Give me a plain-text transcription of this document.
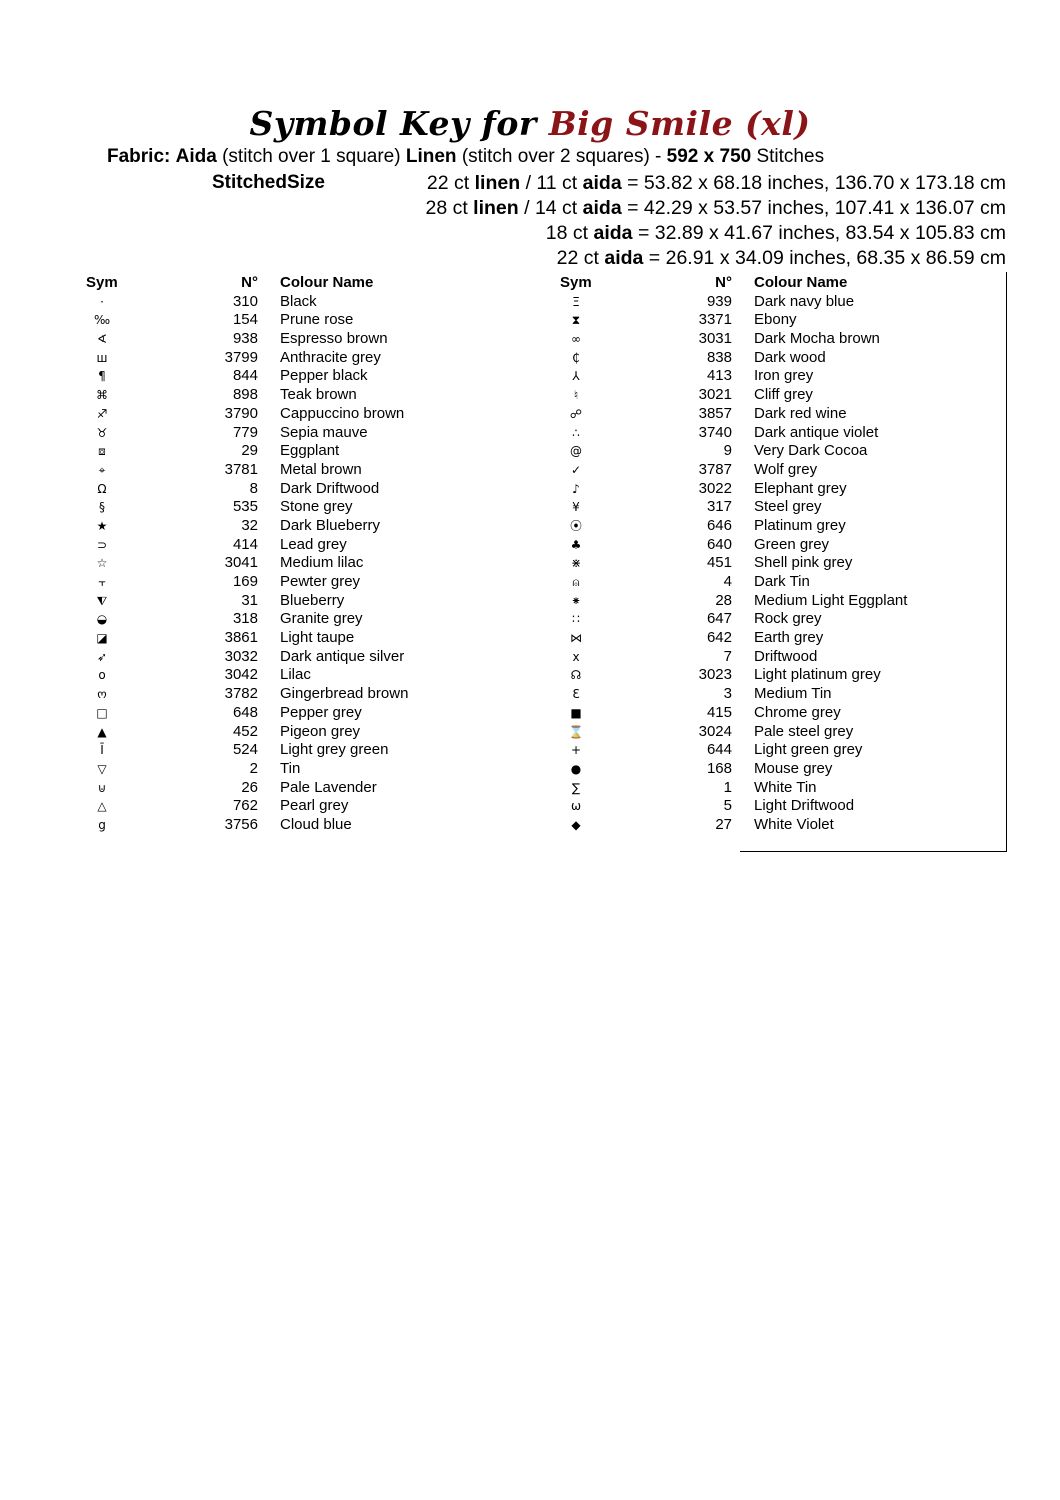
Symbol Key for Big Smile (xl)
Fabric: Aida (stitch over 1 square) Linen (stitch over 2 squares) - 592 x 750 Stitches
StitchedSize	22 ct linen / 11 ct aida = 53.82 x 68.18 inches, 136.70 x 173.18 cm
28 ct linen / 14 ct aida = 42.29 x 53.57 inches, 107.41 x 136.07 cm
18 ct aida = 32.89 x 41.67 inches, 83.54 x 105.83 cm
22 ct aida = 26.91 x 34.09 inches, 68.35 x 86.59 cm
Sym	N° Colour Name
·	310 Black
‰	154 Prune rose
∢	938 Espresso brown
ш	3799 Anthracite grey
¶	844 Pepper black
⌘	898 Teak brown
♐	3790 Cappuccino brown
♉	779 Sepia mauve
⧈	29 Eggplant
⌖	3781 Metal brown
Ω	8 Dark Driftwood
§	535 Stone grey
★	32 Dark Blueberry
⊃	414 Lead grey
☆	3041 Medium lilac
⫟	169 Pewter grey
⧨	31 Blueberry
◒	318 Granite grey
◪	3861 Light taupe
➶	3032 Dark antique silver
o	3042 Lilac
ო	3782 Gingerbread brown
□	648 Pepper grey
▲	452 Pigeon grey
Ī	524 Light grey green
▽	2 Tin
⊍	26 Pale Lavender
△	762 Pearl grey
g	3756 Cloud blue
Sym	N° Colour Name
Ξ	939 Dark navy blue
⧗	3371 Ebony
∞	3031 Dark Mocha brown
₵	838 Dark wood
⅄	413 Iron grey
♮	3021 Cliff grey
☍	3857 Dark red wine
∴	3740 Dark antique violet
@	9 Very Dark Cocoa
✓	3787 Wolf grey
♪	3022 Elephant grey
¥	317 Steel grey
⦿	646 Platinum grey
♣	640 Green grey
⋇	451 Shell pink grey
⍝	4 Dark Tin
⁕	28 Medium Light Eggplant
∷	647 Rock grey
⋈	642 Earth grey
x	7 Driftwood
☊	3023 Light platinum grey
Ɛ	3 Medium Tin
■	415 Chrome grey
⌛	3024 Pale steel grey
+	644 Light green grey
●	168 Mouse grey
∑	1 White Tin
ω	5 Light Driftwood
◆	27 White Violet
